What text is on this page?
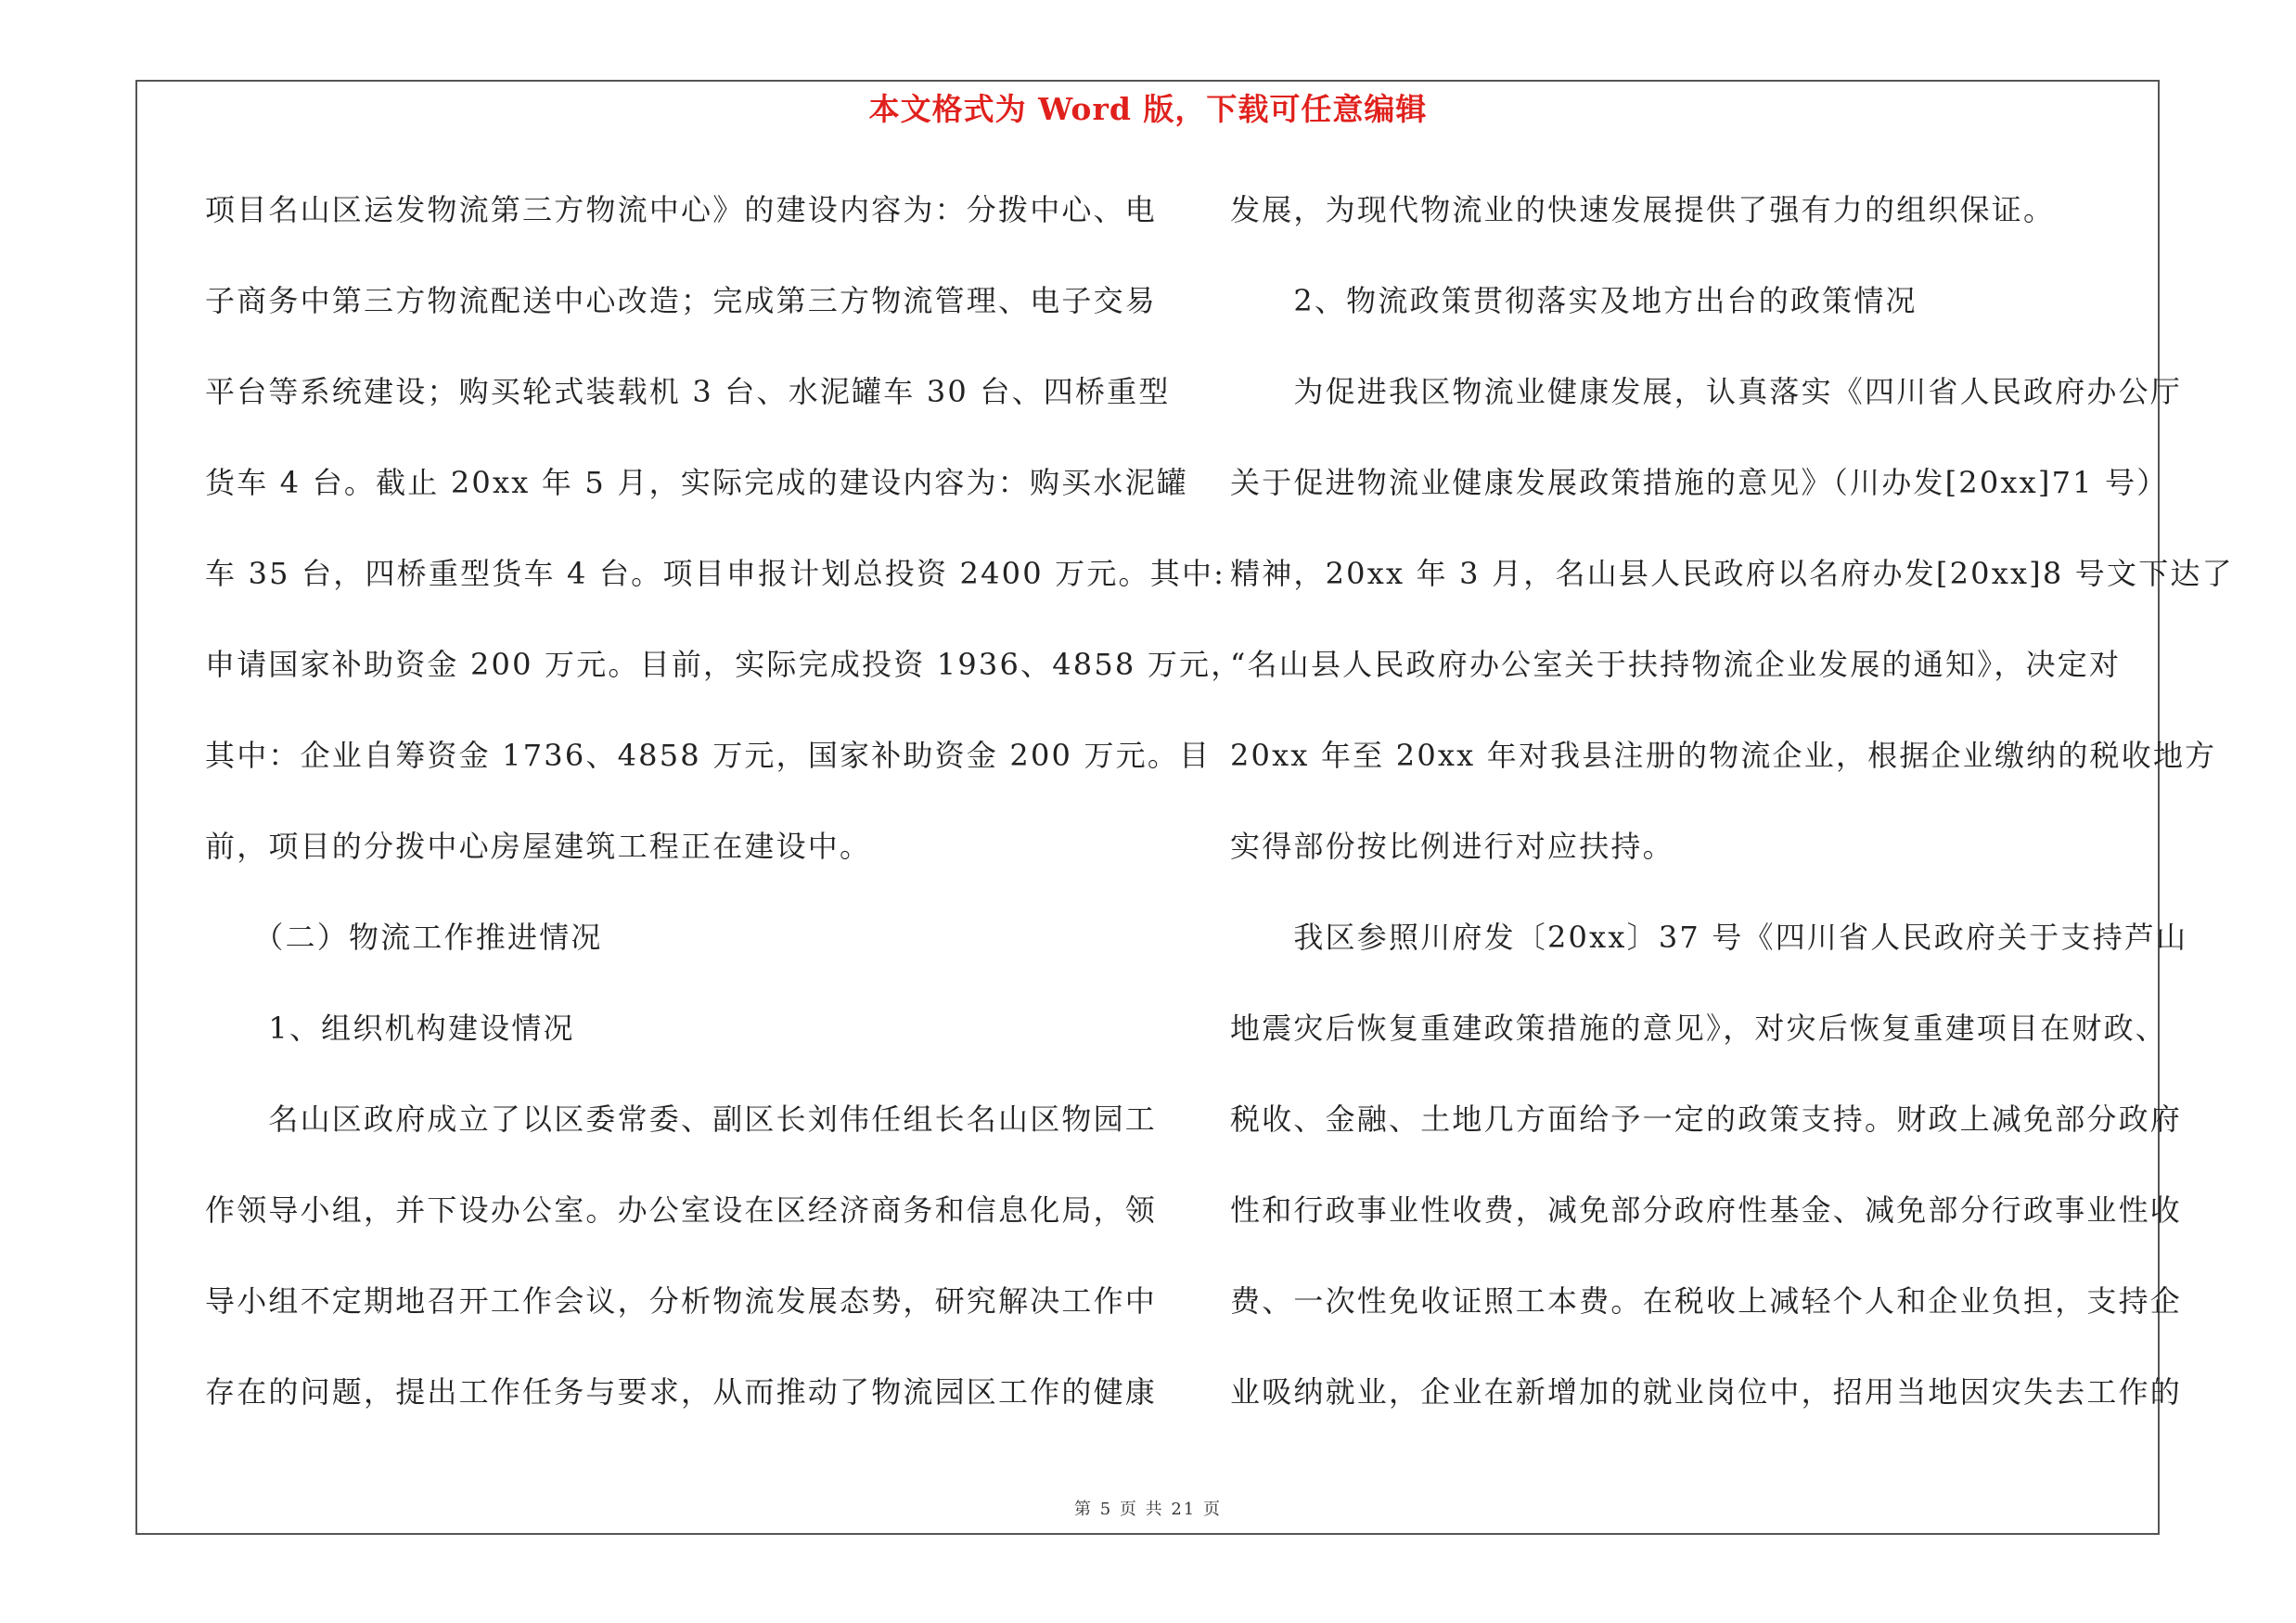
本文格式为 Word 版，下载可任意编辑
项目名山区运发物流第三方物流中心》的建设内容为：分拨中心、电
子商务中第三方物流配送中心改造；完成第三方物流管理、电子交易
平台等系统建设；购买轮式装载机 3 台、水泥罐车 30 台、四桥重型
货车 4 台。截止 20xx 年 5 月，实际完成的建设内容为：购买水泥罐
车 35 台，四桥重型货车 4 台。项目申报计划总投资 2400 万元。其中:
申请国家补助资金 200 万元。目前，实际完成投资 1936、4858 万元，
其中：企业自筹资金 1736、4858 万元，国家补助资金 200 万元。目
前，项目的分拨中心房屋建筑工程正在建设中。
　　（二）物流工作推进情况
　　1、组织机构建设情况
　　名山区政府成立了以区委常委、副区长刘伟任组长名山区物园工
作领导小组，并下设办公室。办公室设在区经济商务和信息化局，领
导小组不定期地召开工作会议，分析物流发展态势，研究解决工作中
存在的问题，提出工作任务与要求，从而推动了物流园区工作的健康
发展，为现代物流业的快速发展提供了强有力的组织保证。
　　2、物流政策贯彻落实及地方出台的政策情况
　　为促进我区物流业健康发展，认真落实《四川省人民政府办公厅
关于促进物流业健康发展政策措施的意见》（川办发[20xx]71 号）
精神，20xx 年 3 月，名山县人民政府以名府办发[20xx]8 号文下达了
“名山县人民政府办公室关于扶持物流企业发展的通知》，决定对
20xx 年至 20xx 年对我县注册的物流企业，根据企业缴纳的税收地方
实得部份按比例进行对应扶持。
　　我区参照川府发〔20xx〕37 号《四川省人民政府关于支持芦山
地震灾后恢复重建政策措施的意见》，对灾后恢复重建项目在财政、
税收、金融、土地几方面给予一定的政策支持。财政上减免部分政府
性和行政事业性收费，减免部分政府性基金、减免部分行政事业性收
费、一次性免收证照工本费。在税收上减轻个人和企业负担，支持企
业吸纳就业，企业在新增加的就业岗位中，招用当地因灾失去工作的
第 5 页 共 21 页
